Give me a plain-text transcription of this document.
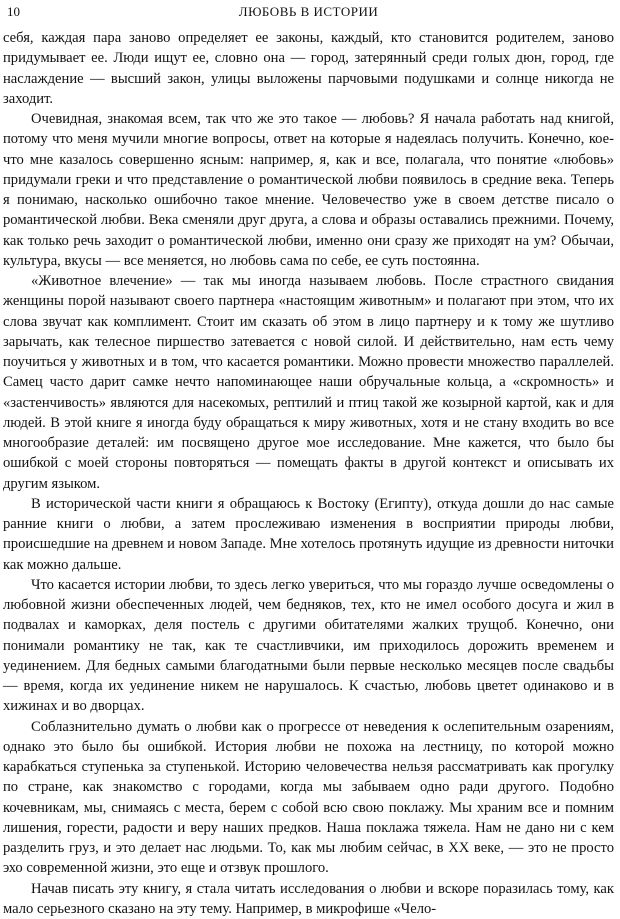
10	ЛЮБОВЬ В ИСТОРИИ

себя, каждая пара заново определяет ее законы, каждый, кто становится родителем, заново придумывает ее. Люди ищут ее, словно она — город, затерянный среди голых дюн, город, где наслаждение — высший закон, улицы выложены парчовыми подушками и солнце никогда не заходит.

Очевидная, знакомая всем, так что же это такое — любовь? Я начала работать над книгой, потому что меня мучили многие вопросы, ответ на которые я надеялась получить. Конечно, кое-что мне казалось совершенно ясным: например, я, как и все, полагала, что понятие «любовь» придумали греки и что представление о романтической любви появилось в средние века. Теперь я понимаю, насколько ошибочно такое мнение. Человечество уже в своем детстве писало о романтической любви. Века сменяли друг друга, а слова и образы оставались прежними. Почему, как только речь заходит о романтической любви, именно они сразу же приходят на ум? Обычаи, культура, вкусы — все меняется, но любовь сама по себе, ее суть постоянна.

«Животное влечение» — так мы иногда называем любовь. После страстного свидания женщины порой называют своего партнера «настоящим животным» и полагают при этом, что их слова звучат как комплимент. Стоит им сказать об этом в лицо партнеру и к тому же шутливо зарычать, как телесное пиршество затевается с новой силой. И действительно, нам есть чему поучиться у животных и в том, что касается романтики. Можно провести множество параллелей. Самец часто дарит самке нечто напоминающее наши обручальные кольца, а «скромность» и «застенчивость» являются для насекомых, рептилий и птиц такой же козырной картой, как и для людей. В этой книге я иногда буду обращаться к миру животных, хотя и не стану входить во все многообразие деталей: им посвящено другое мое исследование. Мне кажется, что было бы ошибкой с моей стороны повторяться — помещать факты в другой контекст и описывать их другим языком.

В исторической части книги я обращаюсь к Востоку (Египту), откуда дошли до нас самые ранние книги о любви, а затем прослеживаю изменения в восприятии природы любви, происшедшие на древнем и новом Западе. Мне хотелось протянуть идущие из древности ниточки как можно дальше.

Что касается истории любви, то здесь легко увериться, что мы гораздо лучше осведомлены о любовной жизни обеспеченных людей, чем бедняков, тех, кто не имел особого досуга и жил в подвалах и каморках, деля постель с другими обитателями жалких трущоб. Конечно, они понимали романтику не так, как те счастливчики, им приходилось дорожить временем и уединением. Для бедных самыми благодатными были первые несколько месяцев после свадьбы — время, когда их уединение никем не нарушалось. К счастью, любовь цветет одинаково и в хижинах и во дворцах.

Соблазнительно думать о любви как о прогрессе от неведения к ослепительным озарениям, однако это было бы ошибкой. История любви не похожа на лестницу, по которой можно карабкаться ступенька за ступенькой. Историю человечества нельзя рассматривать как прогулку по стране, как знакомство с городами, когда мы забываем одно ради другого. Подобно кочевникам, мы, снимаясь с места, берем с собой всю свою поклажу. Мы храним все и помним лишения, горести, радости и веру наших предков. Наша поклажа тяжела. Нам не дано ни с кем разделить груз, и это делает нас людьми. То, как мы любим сейчас, в XX веке, — это не просто эхо современной жизни, это еще и отзвук прошлого.

Начав писать эту книгу, я стала читать исследования о любви и вскоре поразилась тому, как мало серьезного сказано на эту тему. Например, в микрофише «Чело-
